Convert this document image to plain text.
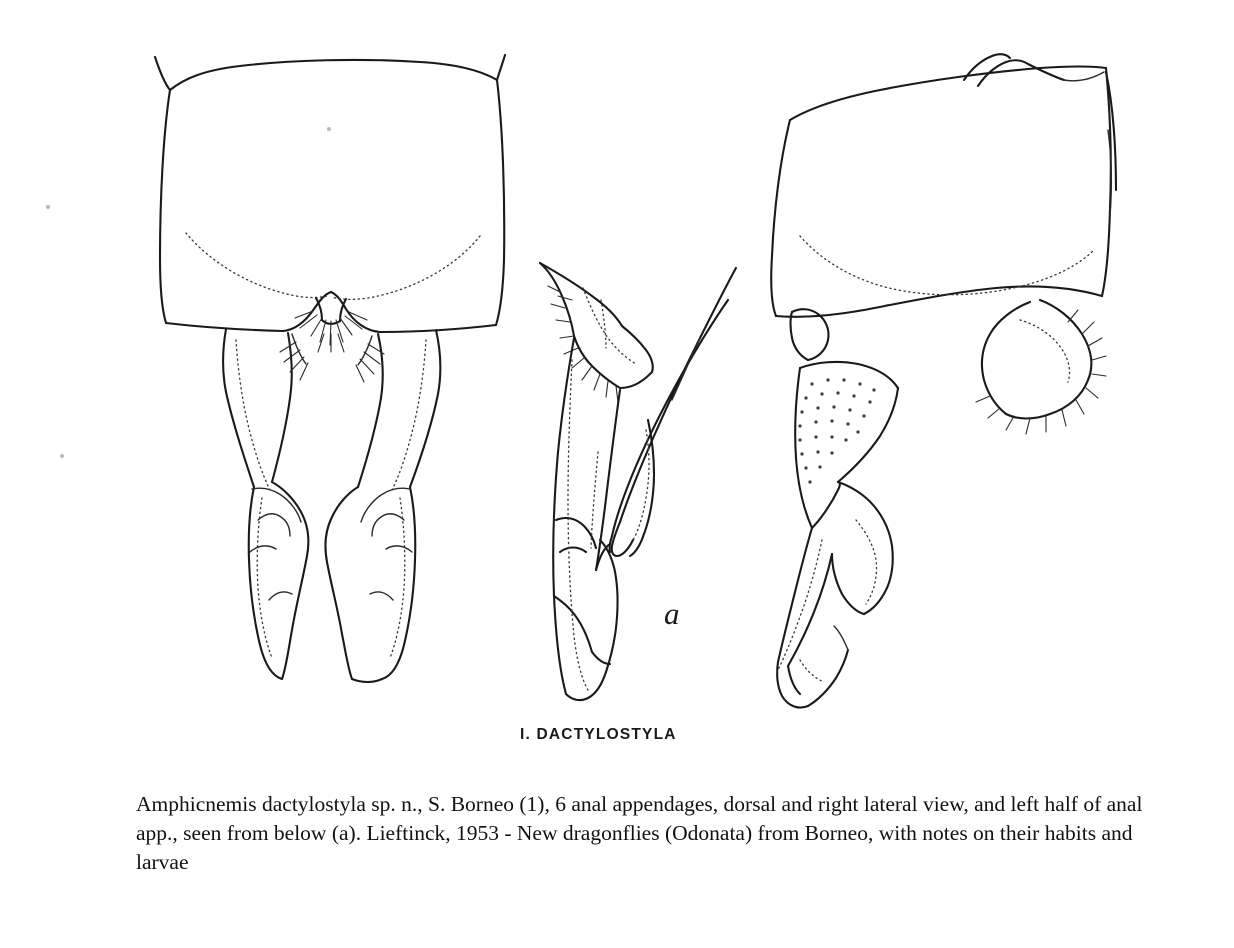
a
I. DACTYLOSTYLA
Amphicnemis dactylostyla sp. n., S. Borneo (1), 6 anal appendages, dorsal and right lateral view, and left half of anal app., seen from below (a). Lieftinck, 1953 - New dragonflies (Odonata) from Borneo, with notes on their habits and larvae
